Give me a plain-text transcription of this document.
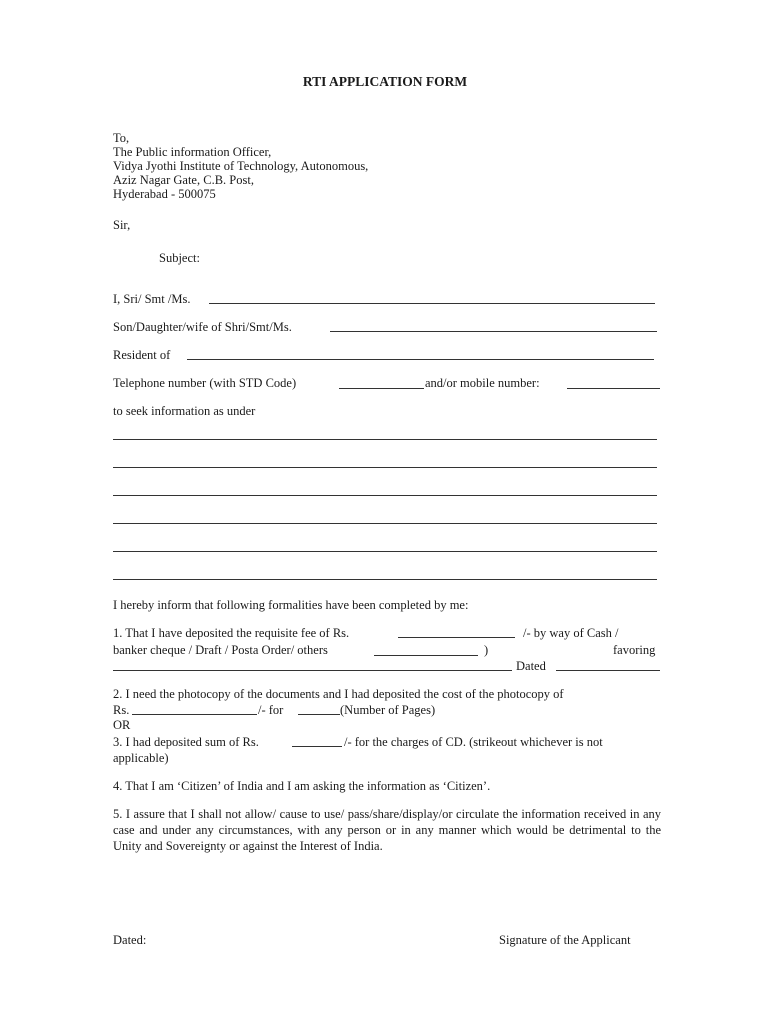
RTI APPLICATION FORM
To,
The Public information Officer,
Vidya Jyothi Institute of Technology, Autonomous,
Aziz Nagar Gate, C.B. Post,
Hyderabad - 500075
Sir,
Subject:
I, Sri/ Smt /Ms.
Son/Daughter/wife of Shri/Smt/Ms.
Resident of
Telephone number (with STD Code)	and/or mobile number:
to seek information as under
I hereby inform that following formalities have been completed by me:
1. That I have deposited the requisite fee of Rs.	/- by way of Cash /
banker cheque / Draft / Posta Order/ others	)	favoring
Dated
2. I need the photocopy of the documents and I had deposited the cost of the photocopy of
Rs.	/- for	(Number of Pages)
OR
3. I had deposited sum of Rs.	/- for the charges of CD. (strikeout whichever is not
applicable)
4. That I am ‘Citizen’ of India and I am asking the information as ‘Citizen’.
5. I assure that I shall not allow/ cause to use/ pass/share/display/or circulate the information received in any case and under any circumstances, with any person or in any manner which would be detrimental to the Unity and Sovereignty or against the Interest of India.
Dated:	Signature of the Applicant
